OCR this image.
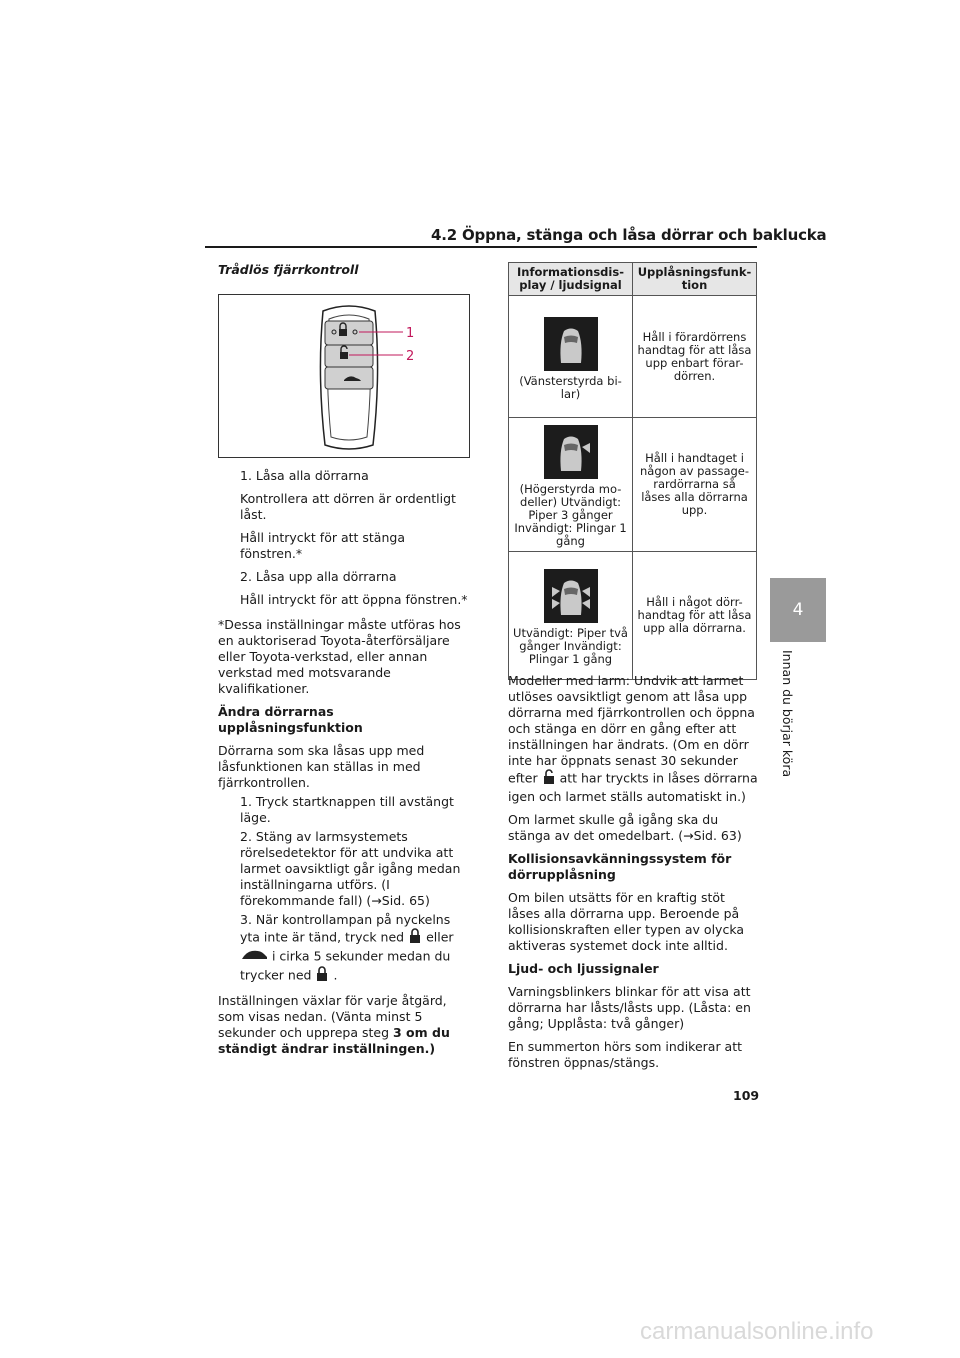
4.2 Öppna, stänga och låsa dörrar och baklucka
4
Innan du börjar köra

Trådlös fjärrkontroll

1
2

1. Låsa alla dörrarna

Kontrollera att dörren är ordentligt låst.

Håll intryckt för att stänga fönstren.*

2. Låsa upp alla dörrarna

Håll intryckt för att öppna fönstren.*

*Dessa inställningar måste utföras hos en auktoriserad Toyota-återförsäljare eller Toyota-verkstad, eller annan verkstad med motsvarande kvalifikationer.

Ändra dörrarnas upplåsningsfunktion

Dörrarna som ska låsas upp med låsfunktionen kan ställas in med fjärrkontrollen.

1. Tryck startknappen till avstängt läge.

2. Stäng av larmsystemets rörelsedetektor för att undvika att larmet oavsiktligt går igång medan inställningarna utförs. (I förekommande fall) (→Sid. 65)

3. När kontrollampan på nyckelns yta inte är tänd, tryck ned eller  i cirka 5 sekunder medan du trycker ned .

Inställningen växlar för varje åtgärd, som visas nedan. (Vänta minst 5 sekunder och upprepa steg 3 om du ständigt ändrar inställningen.)

Informationsdis-play / ljudsignal	Upplåsningsfunk-tion

(Vänsterstyrda bi-lar)	Håll i förardörrens handtag för att låsa upp enbart förar-dörren.

(Högerstyrda mo-deller) Utvändigt: Piper 3 gånger Invändigt: Plingar 1 gång	Håll i handtaget i någon av passage-rardörrarna så låses alla dörrarna upp.

Utvändigt: Piper två gånger Invändigt: Plingar 1 gång	Håll i något dörr-handtag för att låsa upp alla dörrarna.

Modeller med larm: Undvik att larmet utlöses oavsiktligt genom att låsa upp dörrarna med fjärrkontrollen och öppna och stänga en dörr en gång efter att inställningen har ändrats. (Om en dörr inte har öppnats senast 30 sekunder efter att har tryckts in låses dörrarna igen och larmet ställs automatiskt in.)

Om larmet skulle gå igång ska du stänga av det omedelbart. (→Sid. 63)

Kollisionsavkänningssystem för dörrupplåsning

Om bilen utsätts för en kraftig stöt låses alla dörrarna upp. Beroende på kollisionskraften eller typen av olycka aktiveras systemet dock inte alltid.

Ljud- och ljussignaler

Varningsblinkers blinkar för att visa att dörrarna har låsts/låsts upp. (Låsta: en gång; Upplåsta: två gånger)

En summerton hörs som indikerar att fönstren öppnas/stängs.

109
carmanualsonline.info
